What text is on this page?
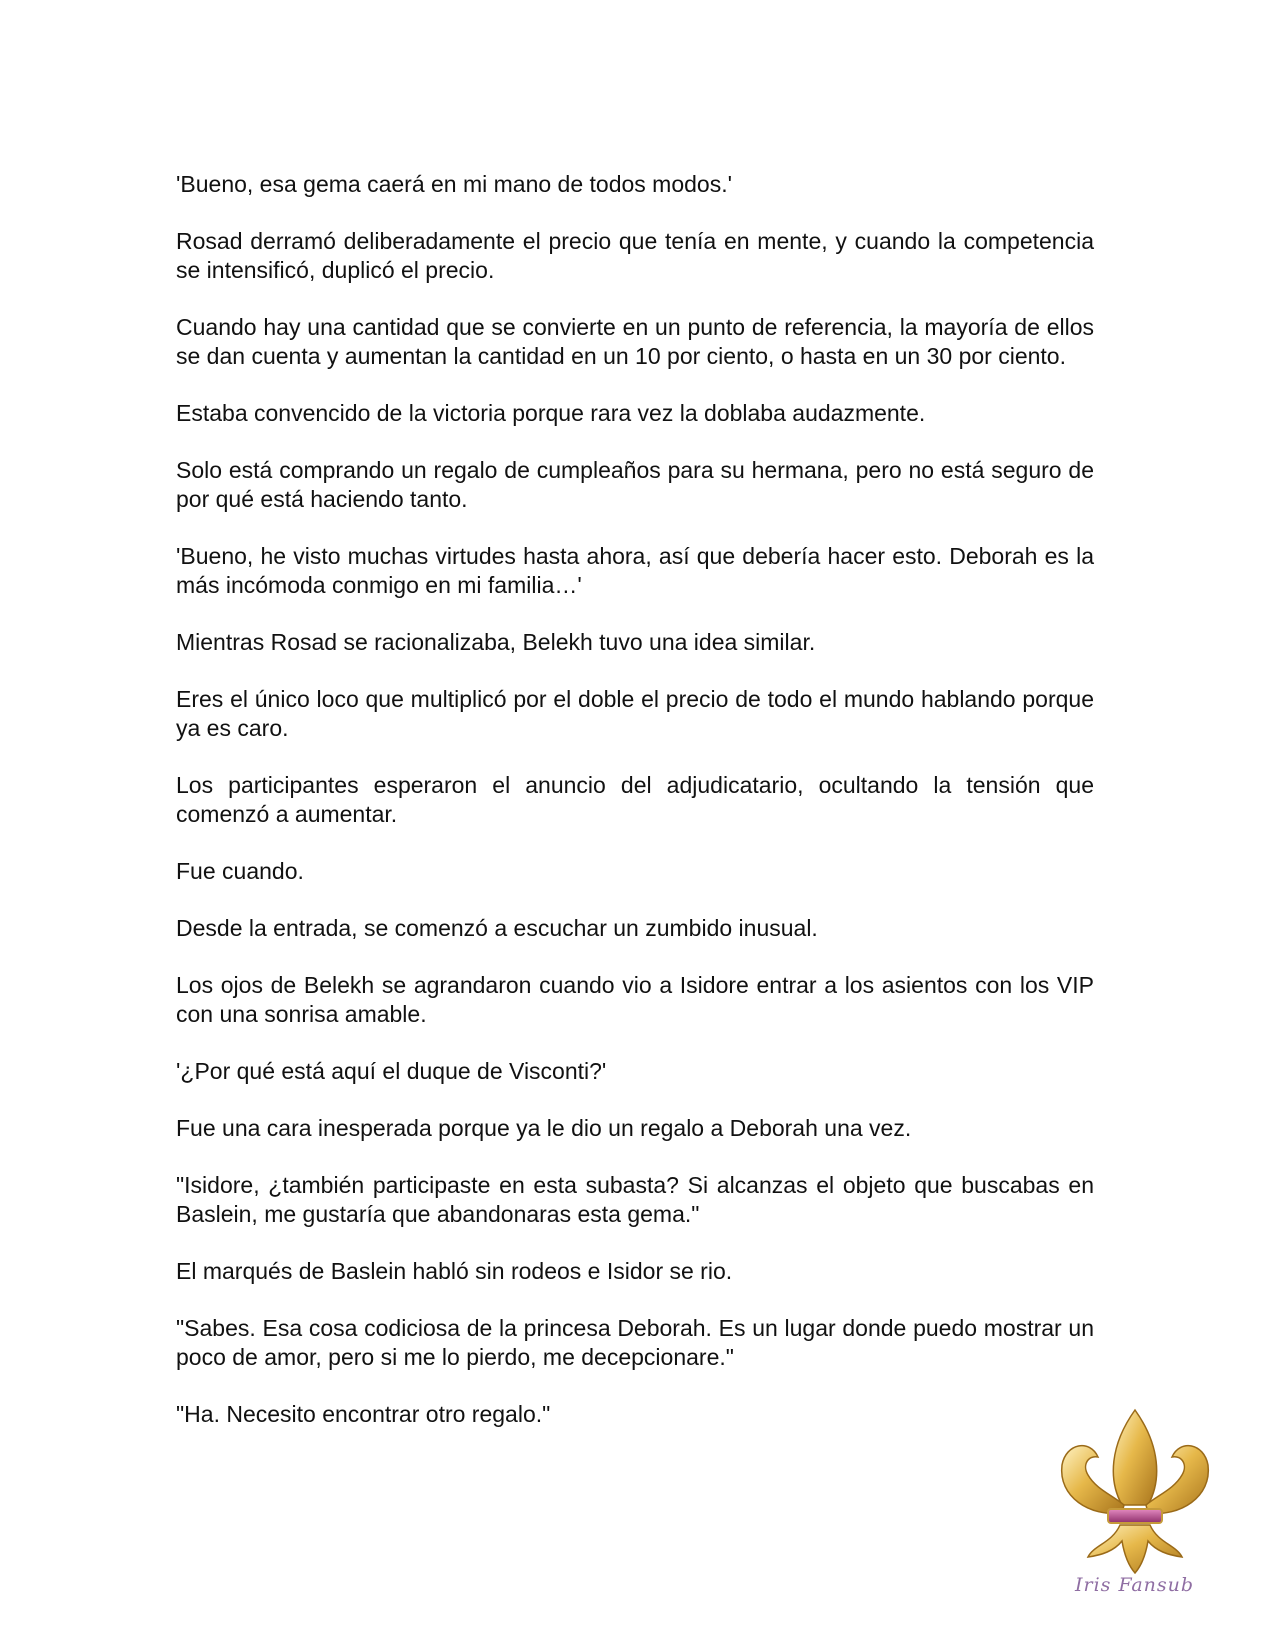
'Bueno, esa gema caerá en mi mano de todos modos.'

Rosad derramó deliberadamente el precio que tenía en mente, y cuando la competencia se intensificó, duplicó el precio.

Cuando hay una cantidad que se convierte en un punto de referencia, la mayoría de ellos se dan cuenta y aumentan la cantidad en un 10 por ciento, o hasta en un 30 por ciento.

Estaba convencido de la victoria porque rara vez la doblaba audazmente.

Solo está comprando un regalo de cumpleaños para su hermana, pero no está seguro de por qué está haciendo tanto.

'Bueno, he visto muchas virtudes hasta ahora, así que debería hacer esto. Deborah es la más incómoda conmigo en mi familia…'

Mientras Rosad se racionalizaba, Belekh tuvo una idea similar.

Eres el único loco que multiplicó por el doble el precio de todo el mundo hablando porque ya es caro.

Los participantes esperaron el anuncio del adjudicatario, ocultando la tensión que comenzó a aumentar.

Fue cuando.

Desde la entrada, se comenzó a escuchar un zumbido inusual.

Los ojos de Belekh se agrandaron cuando vio a Isidore entrar a los asientos con los VIP con una sonrisa amable.

'¿Por qué está aquí el duque de Visconti?'

Fue una cara inesperada porque ya le dio un regalo a Deborah una vez.

"Isidore, ¿también participaste en esta subasta? Si alcanzas el objeto que buscabas en Baslein, me gustaría que abandonaras esta gema."

El marqués de Baslein habló sin rodeos e Isidor se rio.

"Sabes. Esa cosa codiciosa de la princesa Deborah. Es un lugar donde puedo mostrar un poco de amor, pero si me lo pierdo, me decepcionare."

"Ha. Necesito encontrar otro regalo."

Iris Fansub
